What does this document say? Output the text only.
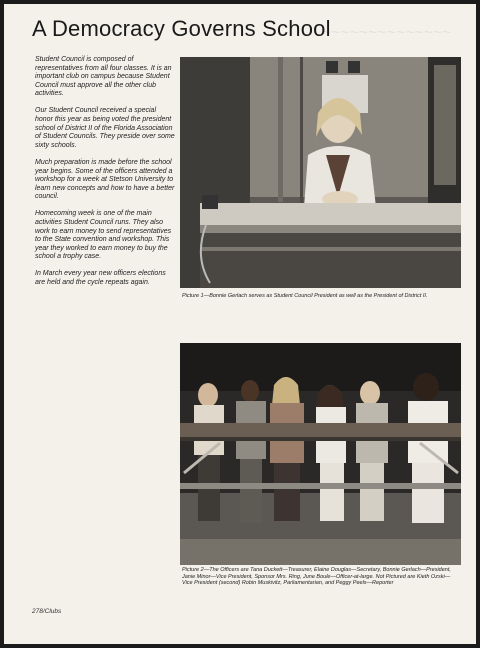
~~~~~~~~~~~~~~
A Democracy Governs School

Student Council is composed of representatives from all four classes. It is an important club on campus because Student Council must approve all the other club activities.

Our Student Council received a special honor this year as being voted the president school of District II of the Florida Association of Student Councils. They preside over some sixty schools.

Much preparation is made before the school year begins. Some of the officers attended a workshop for a week at Stetson University to learn new concepts and how to have a better council.

Homecoming week is one of the main activities Student Council runs. They also work to earn money to send representatives to the State convention and workshop. This year they worked to earn money to buy the school a trophy case.

In March every year new officers elections are held and the cycle repeats again.

Picture 1—Bonnie Gerlach serves as Student Council President as well as the President of District II.
Picture 2—The Officers are Tana Duckett—Treasurer, Elaine Douglas—Secretary, Bonnie Gerlach—President, Janie Minor—Vice President, Sponsor Mrs. Ring, June Boule—Officer-at-large. Not Pictured are Kieth Ozski—Vice President (second) Robin Muskivitz, Parliamentarian, and Peggy Peels—Reporter
278/Clubs
